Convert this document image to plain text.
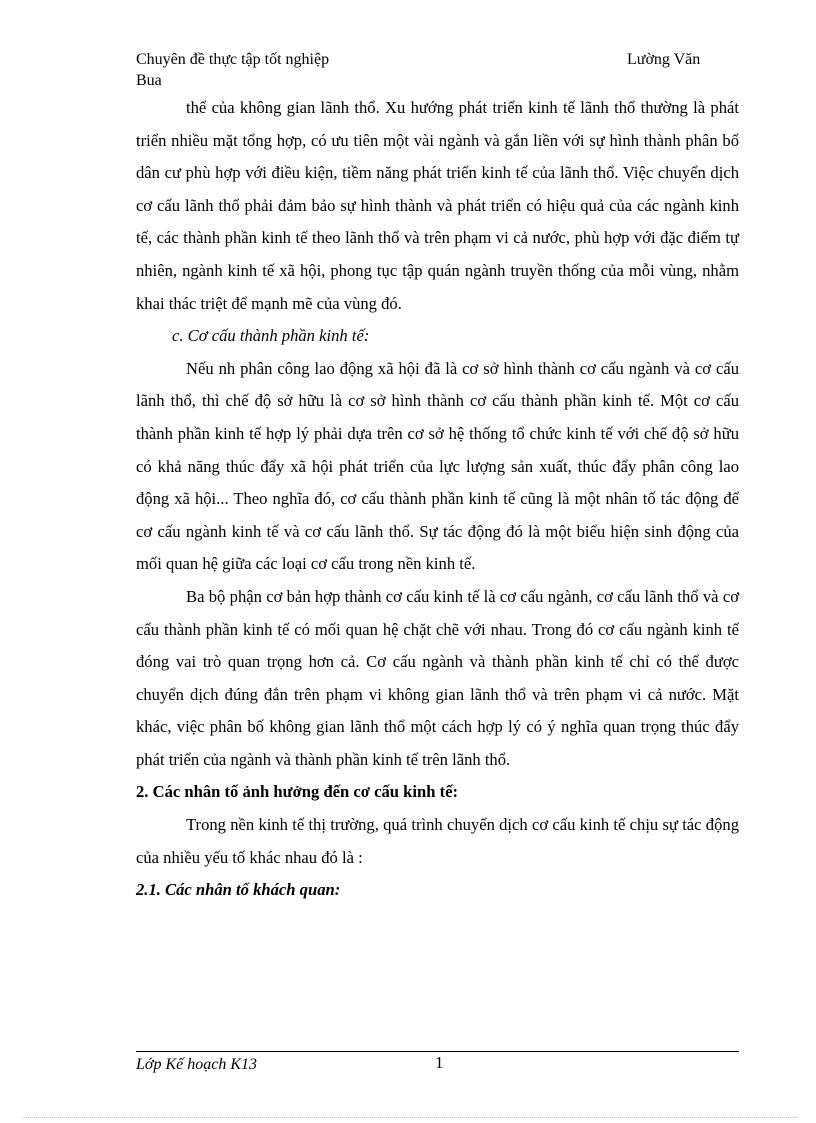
Chuyên đề thực tập tốt nghiệp	Lường Văn
Bua

thể của không gian lãnh thổ. Xu hướng phát triển kinh tế lãnh thổ thường là phát triển nhiều mặt tổng hợp, có ưu tiên một vài ngành và gắn liền với sự hình thành phân bổ dân cư phù hợp với điều kiện, tiềm năng phát triển kinh tế của lãnh thổ. Việc chuyển dịch cơ cấu lãnh thổ phải đảm bảo sự hình thành và phát triển có hiệu quả của các ngành kinh tế, các thành phần kinh tế theo lãnh thổ và trên phạm vi cả nước, phù hợp với đặc điểm tự nhiên, ngành kinh tế xã hội, phong tục tập quán ngành truyền thống của mỗi vùng, nhằm khai thác triệt để mạnh mẽ của vùng đó.

c. Cơ cấu thành phần kinh tế:

Nếu nh phân công lao động xã hội đã là cơ sở hình thành cơ cấu ngành và cơ cấu lãnh thổ, thì chế độ sở hữu là cơ sở hình thành cơ cấu thành phần kinh tế. Một cơ cấu thành phần kinh tế hợp lý phải dựa trên cơ sở hệ thống tổ chức kinh tế với chế độ sở hữu có khả năng thúc đẩy xã hội phát triển của lực lượng sản xuất, thúc đẩy phân công lao động xã hội... Theo nghĩa đó, cơ cấu thành phần kinh tế cũng là một nhân tố tác động để cơ cấu ngành kinh tế và cơ cấu lãnh thổ. Sự tác động đó là một biểu hiện sinh động của mối quan hệ giữa các loại cơ cấu trong nền kinh tế.

Ba bộ phận cơ bản hợp thành cơ cấu kinh tế là cơ cấu ngành, cơ cấu lãnh thổ và cơ cấu thành phần kinh tế có mối quan hệ chặt chẽ với nhau. Trong đó cơ cấu ngành kinh tế đóng vai trò quan trọng hơn cả. Cơ cấu ngành và thành phần kinh tế chỉ có thể được chuyển dịch đúng đắn trên phạm vi không gian lãnh thổ và trên phạm vi cả nước. Mặt khác, việc phân bố không gian lãnh thổ một cách hợp lý có ý nghĩa quan trọng thúc đẩy phát triển của ngành và thành phần kinh tế trên lãnh thổ.

2. Các nhân tố ảnh hưởng đến cơ cấu kinh tế:

Trong nền kinh tế thị trường, quá trình chuyển dịch cơ cấu kinh tế chịu sự tác động của nhiều yếu tố khác nhau đó là :

2.1. Các nhân tố khách quan:

Lớp Kế hoạch K13	1
